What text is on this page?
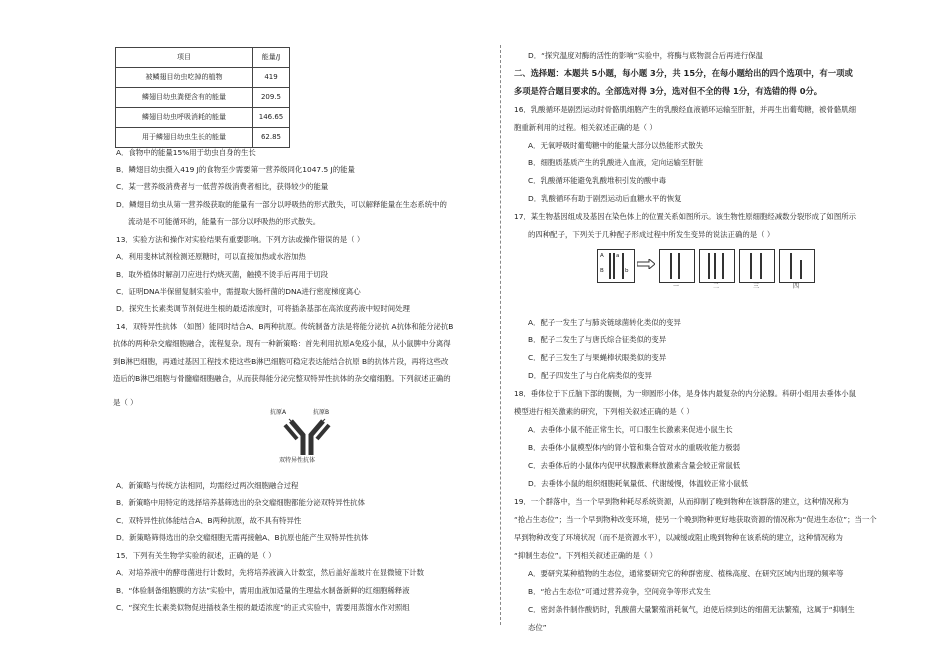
项目	能量/J
被鳞翅目幼虫吃掉的植物	419
鳞翅目幼虫粪便含有的能量	209.5
鳞翅目幼虫呼吸消耗的能量	146.65
用于鳞翅目幼虫生长的能量	62.85
A．食物中的能量15%用于幼虫自身的生长
B．鳞翅目幼虫摄入419 J的食物至少需要第一营养级同化1047.5 J的能量
C．某一营养级消费者与一低营养级消费者相比，获得较少的能量
D．鳞翅目幼虫从第一营养级获取的能量有一部分以呼吸热的形式散失，可以解释能量在生态系统中的
流动是不可能循环的，能量有一部分以呼吸热的形式散失。
13．实验方法和操作对实验结果有重要影响。下列方法或操作错误的是（ ）
A．利用斐林试剂检测还原糖时，可以直接加热或水浴加热
B．取外植体时解剖刀应进行灼烧灭菌，触摸不烫手后再用于切段
C．证明DNA半保留复制实验中，需提取大肠杆菌的DNA进行密度梯度离心
D．探究生长素类调节剂促进生根的最适浓度时，可将插条基部在高浓度药液中短时间处理
14．双特异性抗体 （如图）能同时结合A、B两种抗原。传统制备方法是将能分泌抗 A抗体和能分泌抗B
抗体的两种杂交瘤细胞融合，流程复杂。现有一种新策略：首先利用抗原A免疫小鼠，从小鼠脾中分离得
到B淋巴细胞，再通过基因工程技术使这些B淋巴细胞可稳定表达能结合抗原 B的抗体片段，再将这些改
造后的B淋巴细胞与骨髓瘤细胞融合，从而获得能分泌完整双特异性抗体的杂交瘤细胞。下列叙述正确的
是（ ）
A．新策略与传统方法相同，均需经过两次细胞融合过程
B．新策略中用特定的选择培养基筛选出的杂交瘤细胞都能分泌双特异性抗体
C．双特异性抗体能结合A、B两种抗原，故不具有特异性
D．新策略筛得选出的杂交瘤细胞无需再接触A、B抗原也能产生双特异性抗体
15．下列有关生物学实验的叙述，正确的是（ ）
A．对培养液中的酵母菌进行计数时，先将培养液滴入计数室，然后盖好盖玻片在显微镜下计数
B．“体验制备细胞膜的方法”实验中，需用血液加适量的生理盐水制备新鲜的红细胞稀释液
C．“探究生长素类似物促进插枝条生根的最适浓度”的正式实验中，需要用蒸馏水作对照组
抗原A	抗原B
双特异性抗体
D．“探究温度对酶的活性的影响”实验中，将酶与底物混合后再进行保温
二、选择题：本题共 5小题，每小题 3分，共 15分，在每小题给出的四个选项中，有一项或
多项是符合题目要求的。全部选对得 3分，选对但不全的得 1分，有选错的得 0分。
16．乳酸循环是剧烈运动时骨骼肌细胞产生的乳酸经血液循环运输至肝脏，并再生出葡萄糖，被骨骼肌细
胞重新利用的过程。相关叙述正确的是（ ）
A．无氧呼吸时葡萄糖中的能量大部分以热能形式散失
B．细胞质基质产生的乳酸进入血液，定向运输至肝脏
C．乳酸循环能避免乳酸堆积引发的酸中毒
D．乳酸循环有助于剧烈运动后血糖水平的恢复
17．某生物基因组成及基因在染色体上的位置关系如图所示。该生物性原细胞经减数分裂形成了如图所示
的四种配子，下列关于几种配子形成过程中所发生变异的说法正确的是（ ）
A．配子一发生了与肺炎链球菌转化类似的变异
B．配子二发生了与唐氏综合征类似的变异
C．配子三发生了与果蝇棒状眼类似的变异
D．配子四发生了与白化病类似的变异
18．垂体位于下丘脑下部的腹侧，为一卵圆形小体，是身体内最复杂的内分泌腺。科研小组用去垂体小鼠
模型进行相关激素的研究，下列相关叙述正确的是（ ）
A．去垂体小鼠不能正常生长，可口服生长激素来促进小鼠生长
B．去垂体小鼠模型体内的肾小管和集合管对水的重吸收能力极弱
C．去垂体后的小鼠体内促甲状腺激素释放激素含量会较正常鼠低
D．去垂体小鼠的组织细胞耗氧量低、代谢缓慢，体温较正常小鼠低
19．一个群落中，当一个早到物种耗尽系统资源，从而抑制了晚到物种在该群落的建立，这种情况称为
“抢占生态位”；当一个早到物种改变环境，使另一个晚到物种更好地获取资源的情况称为“促进生态位”；当一个
早到物种改变了环境状况（而不是资源水平），以减缓或阻止晚到物种在该系统的建立，这种情况称为
“抑制生态位”。下列相关叙述正确的是（ ）
A．要研究某种植物的生态位，通常要研究它的种群密度、植株高度、在研究区域内出现的频率等
B．“抢占生态位”可通过营养竞争，空间竞争等形式发生
C．密封条件制作酸奶时，乳酸菌大量繁殖消耗氧气，迫使后续到达的细菌无法繁殖，这属于“抑制生
态位”
A a
B	b
一	二	三	四
